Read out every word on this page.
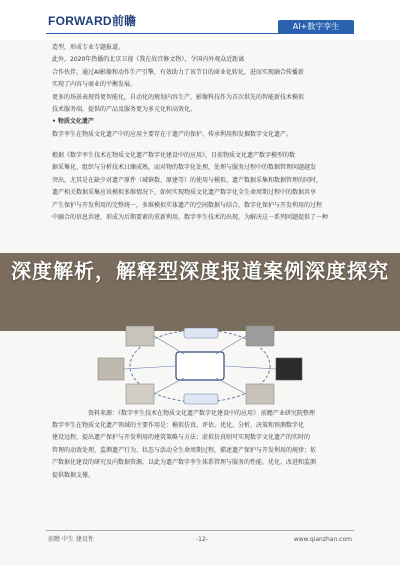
FORWARD前瞻	AI+数字孪生
造型，形成专业专题报道。
此外，2020年热播的北京卫视《我在故宫修文物》，令国内外观众近距离
合作伙伴，通过AI影像和动作生产引擎，有效助力了该节目的商业化转化，进而实现融合传播新
实现了内容与商业的平衡发展。
更多的场景表现得更智能化，自动化的规划内容生产，影像科技作为首次供先的智能新技术模拟
技术服务端，提供的产品及服务更为多元化和高效化。
• 物质文化遗产
数字孪生在物质文化遗产中的应用主要存在于遗产的保护、传承利用和发掘数字文化遗产。
根据《数字孪生技术在物质文化遗产数字化建设中的应用》，目前物质文化遗产数字模型的数
据采集化、组织与分析技术日臻成熟，而对物的数字化处理，处理与服务过程中的数据管理问题越发
突出，尤其是在缺少对遗产原件（城镇数、原建等）的使用与模拟、遗产数据采集和数据管理的同时，
遗产相关数据采集应该模拟多维情况下，如何实现物质文化遗产数字化全生命周期过程中的数据共享
产生保护与开发利用的完整统一，多维模拟实体遗产的空间数据与结合，数字化保护与开发利用的过程
中融合的信息共建，形成为后期要素的重新利用。数字孪生技术的出现，为解决这一系列问题提供了一种
深度解析，解释型深度报道案例深度探究
资料来源：《数字孪生技术在物质文化遗产数字化建设中的应用》 前瞻产业研究院整理
数字孪生在物质文化遗产领域的主要作用是：模拟仿真、评估、优化、分析、决策和预测数字化
建设远程、提出遗产保护与开发利用的建筑策略与方法；虚拟仿真则可实现数字文化遗产的实时的
管理的动效处理，监测遗产行为、状态与活动全生命周期过程，描述遗产保护与开发利用的规律；依
产数据化建设的研究及内数据资源，以此为遗产数字孪生体系管理与服务的性能、优化、改进和监测
提供数据支撑。
前瞻 中生 建设性	-12-	www.qianzhan.com
